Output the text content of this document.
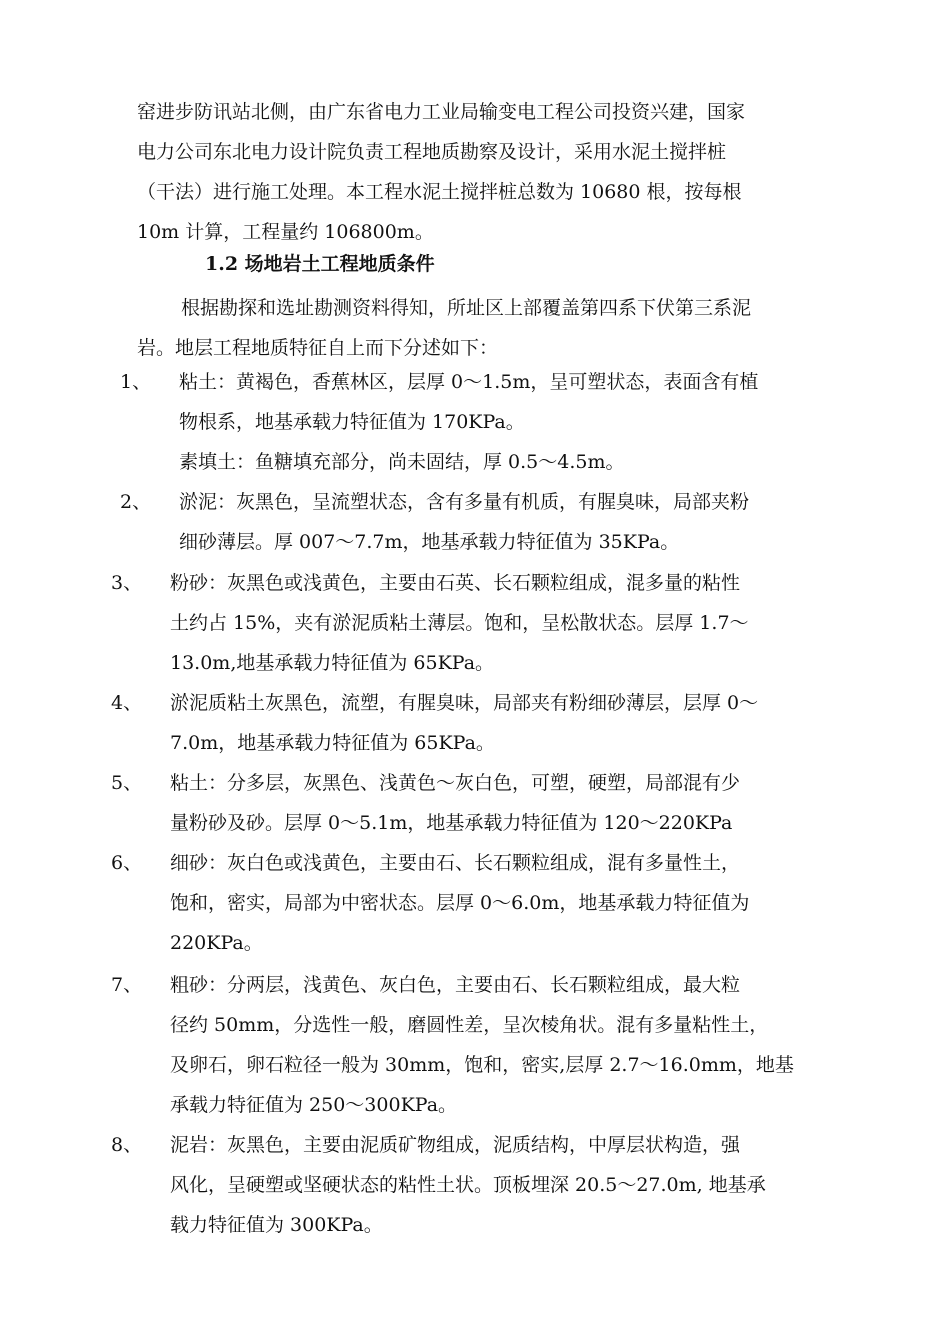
窑进步防讯站北侧，由广东省电力工业局输变电工程公司投资兴建，国家
电力公司东北电力设计院负责工程地质勘察及设计，采用水泥土搅拌桩
（干法）进行施工处理。本工程水泥土搅拌桩总数为 10680 根，按每根
10m 计算，工程量约 106800m。
1.2 场地岩土工程地质条件
根据勘探和选址勘测资料得知，所址区上部覆盖第四系下伏第三系泥
岩。地层工程地质特征自上而下分述如下：
1、 粘土：黄褐色，香蕉林区，层厚 0～1.5m，呈可塑状态，表面含有植
物根系，地基承载力特征值为 170KPa。
素填土：鱼糖填充部分，尚未固结，厚 0.5～4.5m。
2、 淤泥：灰黑色，呈流塑状态，含有多量有机质，有腥臭味，局部夹粉
细砂薄层。厚 007～7.7m，地基承载力特征值为 35KPa。
3、 粉砂：灰黑色或浅黄色，主要由石英、长石颗粒组成，混多量的粘性
土约占 15%，夹有淤泥质粘土薄层。饱和，呈松散状态。层厚 1.7～
13.0m,地基承载力特征值为 65KPa。
4、 淤泥质粘土灰黑色，流塑，有腥臭味，局部夹有粉细砂薄层，层厚 0～
7.0m，地基承载力特征值为 65KPa。
5、 粘土：分多层，灰黑色、浅黄色～灰白色，可塑，硬塑，局部混有少
量粉砂及砂。层厚 0～5.1m，地基承载力特征值为 120～220KPa
6、 细砂：灰白色或浅黄色，主要由石、长石颗粒组成，混有多量性土，
饱和，密实，局部为中密状态。层厚 0～6.0m，地基承载力特征值为
220KPa。
7、 粗砂：分两层，浅黄色、灰白色，主要由石、长石颗粒组成，最大粒
径约 50mm，分选性一般，磨圆性差，呈次棱角状。混有多量粘性土，
及卵石，卵石粒径一般为 30mm，饱和，密实,层厚 2.7～16.0mm，地基
承载力特征值为 250～300KPa。
8、 泥岩：灰黑色，主要由泥质矿物组成，泥质结构，中厚层状构造，强
风化，呈硬塑或坚硬状态的粘性土状。顶板埋深 20.5～27.0m, 地基承
载力特征值为 300KPa。
